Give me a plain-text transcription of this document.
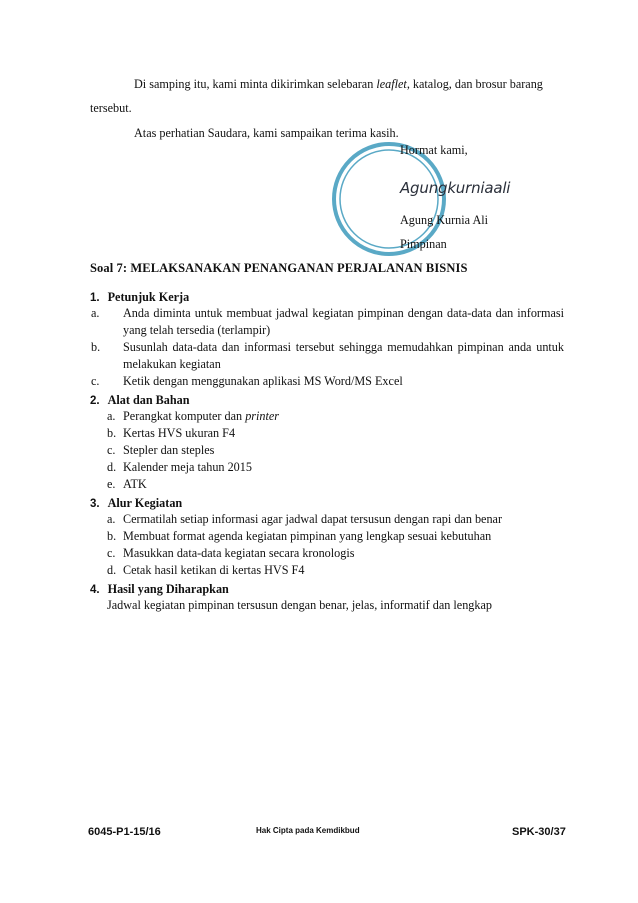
Di samping itu, kami minta dikirimkan selebaran leaflet, katalog, dan brosur barang
tersebut.
Atas perhatian Saudara, kami sampaikan terima kasih.
Hormat kami,
Agungkurniaali
Agung Kurnia Ali
Pimpinan
Soal 7: MELAKSANAKAN PENANGANAN PERJALANAN BISNIS
1. Petunjuk Kerja
a. Anda diminta untuk membuat jadwal kegiatan pimpinan dengan data-data dan informasi yang telah tersedia (terlampir)
b. Susunlah data-data dan informasi tersebut sehingga memudahkan pimpinan anda untuk melakukan kegiatan
c. Ketik dengan menggunakan aplikasi MS Word/MS Excel
2. Alat dan Bahan
a. Perangkat komputer dan printer
b. Kertas HVS ukuran F4
c. Stepler dan steples
d. Kalender meja tahun 2015
e. ATK
3. Alur Kegiatan
a. Cermatilah setiap informasi agar jadwal dapat tersusun dengan rapi dan benar
b. Membuat format agenda kegiatan pimpinan yang lengkap sesuai kebutuhan
c. Masukkan data-data kegiatan secara kronologis
d. Cetak hasil ketikan di kertas HVS F4
4. Hasil yang Diharapkan
Jadwal kegiatan pimpinan tersusun dengan benar, jelas, informatif dan lengkap
6045-P1-15/16	Hak Cipta pada Kemdikbud	SPK-30/37
